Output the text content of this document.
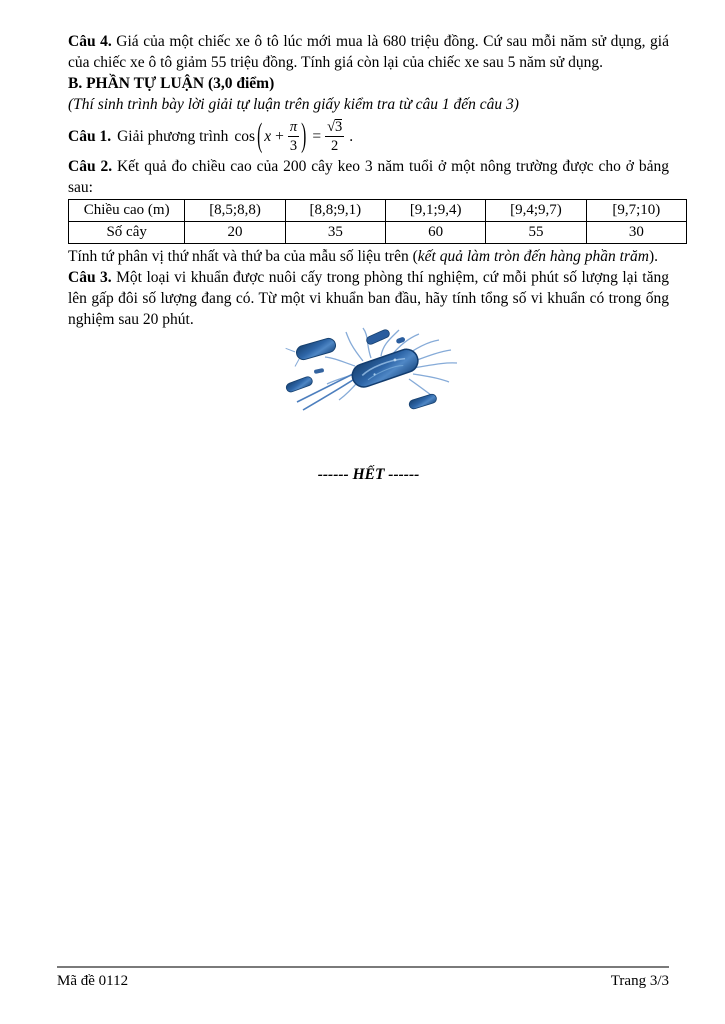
Câu 4. Giá của một chiếc xe ô tô lúc mới mua là 680 triệu đồng. Cứ sau mỗi năm sử dụng, giá của chiếc xe ô tô giảm 55 triệu đồng. Tính giá còn lại của chiếc xe sau 5 năm sử dụng.

B. PHẦN TỰ LUẬN (3,0 điểm)

(Thí sinh trình bày lời giải tự luận trên giấy kiểm tra từ câu 1 đến câu 3)

Câu 1. Giải phương trình cos ( $x + \frac{\pi}{3}$ ) = $\frac{√ 3}{2}$ .

Câu 2. Kết quả đo chiều cao của 200 cây keo 3 năm tuổi ở một nông trường được cho ở bảng sau:

Chiều cao (m)	[8,5;8,8)	[8,8;9,1)	[9,1;9,4)	[9,4;9,7)	[9,7;10)
Số cây	20	35	60	55	30

Tính tứ phân vị thứ nhất và thứ ba của mẫu số liệu trên (kết quả làm tròn đến hàng phần trăm).

Câu 3. Một loại vi khuẩn được nuôi cấy trong phòng thí nghiệm, cứ mỗi phút số lượng lại tăng lên gấp đôi số lượng đang có. Từ một vi khuẩn ban đầu, hãy tính tổng số vi khuẩn có trong ống nghiệm sau 20 phút.

------ HẾT ------

Mã đề 0112	Trang 3/3
